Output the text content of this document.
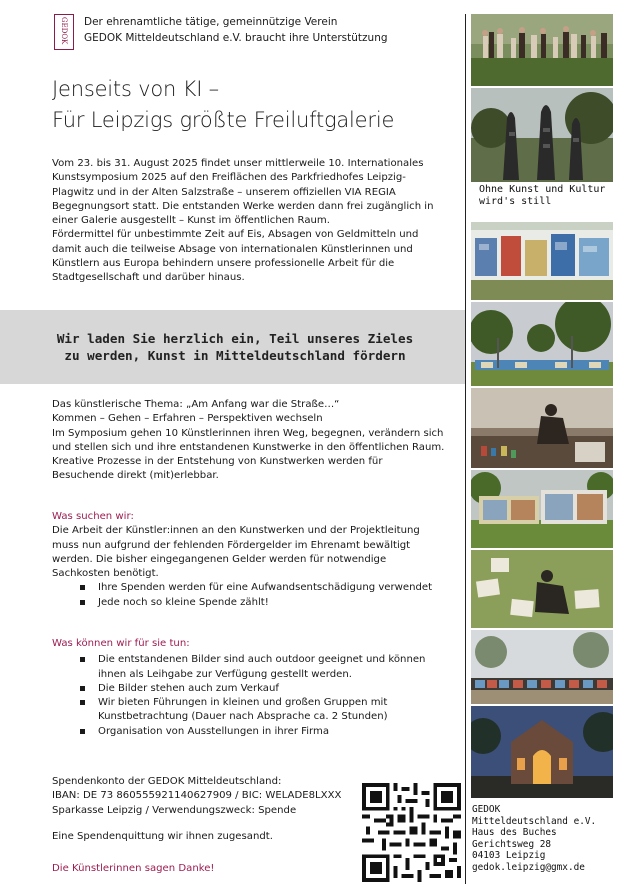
GEDOK Der ehrenamtliche tätige, gemeinnützige Verein
GEDOK Mitteldeutschland e.V. braucht ihre Unterstützung
Jenseits von KI –
Für Leipzigs größte Freiluftgalerie
Vom 23. bis 31. August 2025 findet unser mittlerweile 10. Internationales
Kunstsymposium 2025 auf den Freiflächen des Parkfriedhofes Leipzig-
Plagwitz und in der Alten Salzstraße – unserem offiziellen VIA REGIA
Begegnungsort statt. Die entstanden Werke werden dann frei zugänglich in
einer Galerie ausgestellt – Kunst im öffentlichen Raum.
Fördermittel für unbestimmte Zeit auf Eis, Absagen von Geldmitteln und
damit auch die teilweise Absage von internationalen Künstlerinnen und
Künstlern aus Europa behindern unsere professionelle Arbeit für die
Stadtgesellschaft und darüber hinaus.
Wir laden Sie herzlich ein, Teil unseres Zieles
zu werden, Kunst in Mitteldeutschland fördern
Das künstlerische Thema: „Am Anfang war die Straße…“
Kommen – Gehen – Erfahren – Perspektiven wechseln
Im Symposium gehen 10 Künstlerinnen ihren Weg, begegnen, verändern sich
und stellen sich und ihre entstandenen Kunstwerke in den öffentlichen Raum.
Kreative Prozesse in der Entstehung von Kunstwerken werden für
Besuchende direkt (mit)erlebbar.
Was suchen wir:
Die Arbeit der Künstler:innen an den Kunstwerken und der Projektleitung
muss nun aufgrund der fehlenden Fördergelder im Ehrenamt bewältigt
werden. Die bisher eingegangenen Gelder werden für notwendige
Sachkosten benötigt.
Ihre Spenden werden für eine Aufwandsentschädigung verwendet
Jede noch so kleine Spende zählt!
Was können wir für sie tun:
Die entstandenen Bilder sind auch outdoor geeignet und können
ihnen als Leihgabe zur Verfügung gestellt werden.
Die Bilder stehen auch zum Verkauf
Wir bieten Führungen in kleinen und großen Gruppen mit
Kunstbetrachtung (Dauer nach Absprache ca. 2 Stunden)
Organisation von Ausstellungen in ihrer Firma
Spendenkonto der GEDOK Mitteldeutschland:
IBAN: DE 73 860555921140627909 / BIC: WELADE8LXXX
Sparkasse Leipzig / Verwendungszweck: Spende
Eine Spendenquittung wir ihnen zugesandt.
Die Künstlerinnen sagen Danke!
Ohne Kunst und Kultur wird's still
GEDOK
Mitteldeutschland e.V.
Haus des Buches
Gerichtsweg 28
04103 Leipzig
gedok.leipzig@gmx.de
